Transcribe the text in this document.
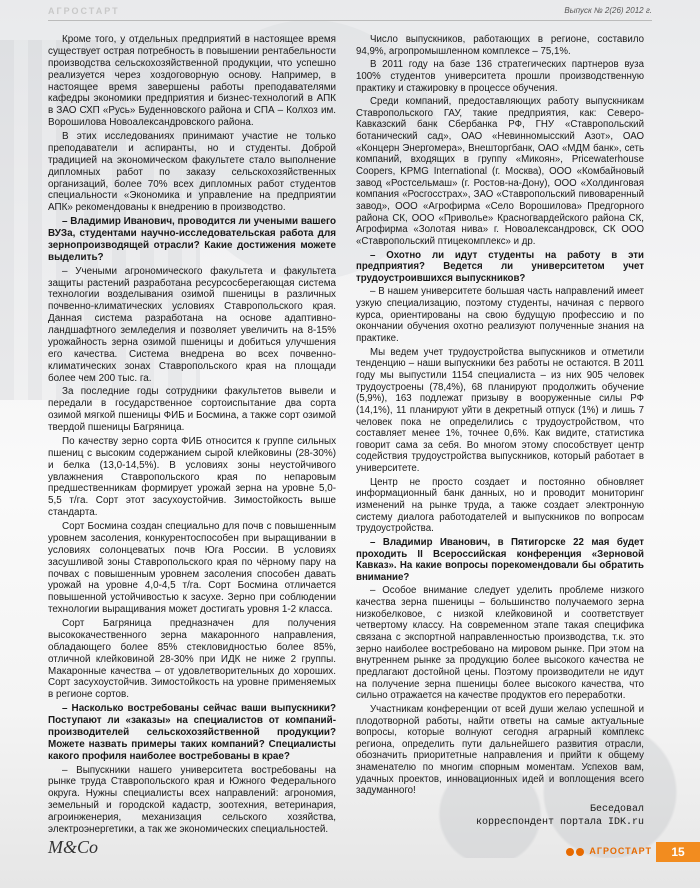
АГРОСТАРТ	Выпуск № 2(26) 2012 г.

Кроме того, у отдельных предприятий в настоящее время существует острая потребность в повышении рентабельности производства сельскохозяйственной продукции, что успешно реализуется через хоздоговорную основу. Например, в настоящее время завершены работы преподавателями кафедры экономики предприятия и бизнес-технологий в АПК в ЗАО СХП «Русь» Буденновского района и СПА – Колхоз им. Ворошилова Новоалександровского района.

В этих исследованиях принимают участие не только преподаватели и аспиранты, но и студенты. Доброй традицией на экономическом факультете стало выполнение дипломных работ по заказу сельскохозяйственных организаций, более 70% всех дипломных работ студентов специальности «Экономика и управление на предприятии АПК» рекомендованы к внедрению в производство.

– Владимир Иванович, проводится ли учеными вашего ВУЗа, студентами научно-исследовательская работа для зернопроизводящей отрасли? Какие достижения можете выделить?

– Учеными агрономического факультета и факультета защиты растений разработана ресурсосберегающая система технологии возделывания озимой пшеницы в различных почвенно-климатических условиях Ставропольского края. Данная система разработана на основе адаптивно-ландшафтного земледелия и позволяет увеличить на 8-15% урожайность зерна озимой пшеницы и добиться улучшения его качества. Система внедрена во всех почвенно-климатических зонах Ставропольского края на площади более чем 200 тыс. га.

За последние годы сотрудники факультетов вывели и передали в государственное сортоиспытание два сорта озимой мягкой пшеницы ФИБ и Босмина, а также сорт озимой твердой пшеницы Багряница.

По качеству зерно сорта ФИБ относится к группе сильных пшениц с высоким содержанием сырой клейковины (28-30%) и белка (13,0-14,5%). В условиях зоны неустойчивого увлажнения Ставропольского края по непаровым предшественникам формирует урожай зерна на уровне 5,0-5,5 т/га. Сорт этот засухоустойчив. Зимостойкость выше стандарта.

Сорт Босмина создан специально для почв с повышенным уровнем засоления, конкурентоспособен при выращивании в условиях солонцеватых почв Юга России. В условиях засушливой зоны Ставропольского края по чёрному пару на почвах с повышенным уровнем засоления способен давать урожай на уровне 4,0-4,5 т/га. Сорт Босмина отличается повышенной устойчивостью к засухе. Зерно при соблюдении технологии выращивания может достигать уровня 1-2 класса.

Сорт Багряница предназначен для получения высококачественного зерна макаронного направления, обладающего более 85% стекловидностью более 85%, отличной клейковиной 28-30% при ИДК не ниже 2 группы. Макаронные качества – от удовлетворительных до хороших. Сорт засухоустойчив. Зимостойкость на уровне применяемых в регионе сортов.

– Насколько востребованы сейчас ваши выпускники? Поступают ли «заказы» на специалистов от компаний-производителей сельскохозяйственной продукции? Можете назвать примеры таких компаний? Специалисты какого профиля наиболее востребованы в крае?

– Выпускники нашего университета востребованы на рынке труда Ставропольского края и Южного Федерального округа. Нужны специалисты всех направлений: агрономия, земельный и городской кадастр, зоотехния, ветеринария, агроинженерия, механизация сельского хозяйства, электроэнергетики, а так же экономических специальностей.

Число выпускников, работающих в регионе, составило 94,9%, агропромышленном комплексе – 75,1%.

В 2011 году на базе 136 стратегических партнеров вуза 100% студентов университета прошли производственную практику и стажировку в процессе обучения.

Среди компаний, предоставляющих работу выпускникам Ставропольского ГАУ, такие предприятия, как: Северо-Кавказский банк Сбербанка РФ, ГНУ «Ставропольский ботанический сад», ОАО «Невинномысский Азот», ОАО «Концерн Энергомера», Внешторгбанк, ОАО «МДМ банк», сеть компаний, входящих в группу «Микоян», Pricewaterhouse Coopers, KPMG International (г. Москва), ООО «Комбайновый завод «Ростсельмаш» (г. Ростов-на-Дону), ООО «Холдинговая компания «Росгосстрах», ЗАО «Ставропольский пивоваренный завод», ООО «Агрофирма «Село Ворошилова» Предгорного района СК, ООО «Приволье» Красногвардейского района СК, Агрофирма «Золотая нива» г. Новоалександровск, СК ООО «Ставропольский птицекомплекс» и др.

– Охотно ли идут студенты на работу в эти предприятия? Ведется ли университетом учет трудоустроившихся выпускников?

– В нашем университете большая часть направлений имеет узкую специализацию, поэтому студенты, начиная с первого курса, ориентированы на свою будущую профессию и по окончании обучения охотно реализуют полученные знания на практике.

Мы ведем учет трудоустройства выпускников и отметили тенденцию – наши выпускники без работы не остаются. В 2011 году мы выпустили 1154 специалиста – из них 905 человек трудоустроены (78,4%), 68 планируют продолжить обучение (5,9%), 163 подлежат призыву в вооруженные силы РФ (14,1%), 11 планируют уйти в декретный отпуск (1%) и лишь 7 человек пока не определились с трудоустройством, что составляет менее 1%, точнее 0,6%. Как видите, статистика говорит сама за себя. Во многом этому способствует центр содействия трудоустройства выпускников, который работает в университете.

Центр не просто создает и постоянно обновляет информационный банк данных, но и проводит мониторинг изменений на рынке труда, а также создает электронную систему диалога работодателей и выпускников по вопросам трудоустройства.

– Владимир Иванович, в Пятигорске 22 мая будет проходить II Всероссийская конференция «Зерновой Кавказ». На какие вопросы порекомендовали бы обратить внимание?

– Особое внимание следует уделить проблеме низкого качества зерна пшеницы – большинство получаемого зерна низкобелковое, с низкой клейковиной и соответствует четвертому классу. На современном этапе такая специфика связана с экспортной направленностью производства, т.к. это зерно наиболее востребовано на мировом рынке. При этом на внутреннем рынке за продукцию более высокого качества не предлагают достойной цены. Поэтому производители не идут на получение зерна пшеницы более высокого качества, что сильно отражается на качестве продуктов его переработки.

Участникам конференции от всей души желаю успешной и плодотворной работы, найти ответы на самые актуальные вопросы, которые волнуют сегодня аграрный комплекс региона, определить пути дальнейшего развития отрасли, обозначить приоритетные направления и прийти к общему знаменателю по многим спорным моментам. Успехов вам, удачных проектов, инновационных идей и воплощения всего задуманного!

Беседовал
корреспондент портала IDK.ru
M&Co	АГРОСТАРТ	15
